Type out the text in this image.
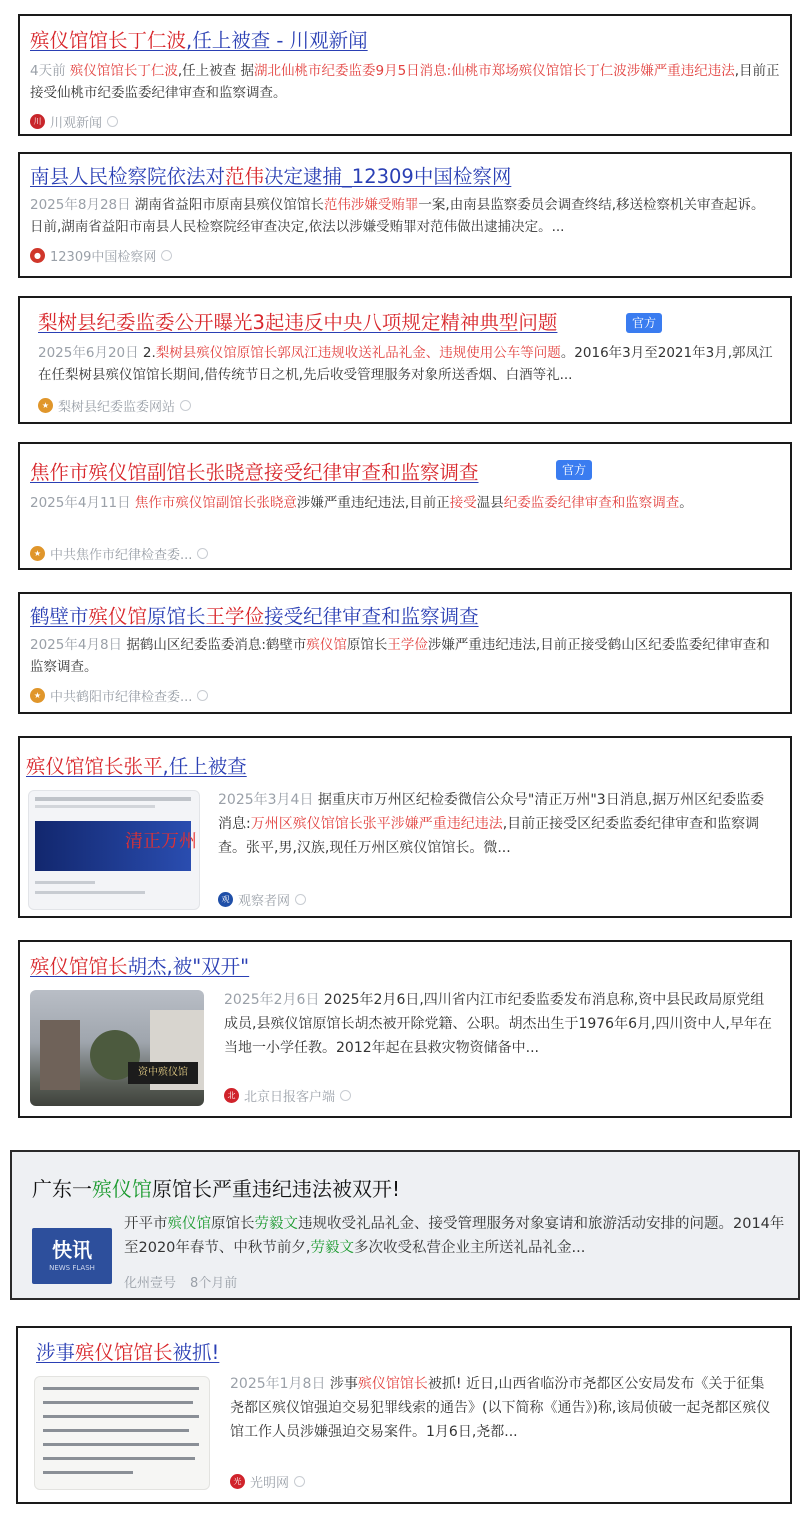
殡仪馆馆长丁仁波,任上被查 - 川观新闻
4天前 殡仪馆馆长丁仁波,任上被查 据湖北仙桃市纪委监委9月5日消息:仙桃市郑场殡仪馆馆长丁仁波涉嫌严重违纪违法,目前正接受仙桃市纪委监委纪律审查和监察调查。
川 川观新闻
南县人民检察院依法对范伟决定逮捕_12309中国检察网
2025年8月28日 湖南省益阳市原南县殡仪馆馆长范伟涉嫌受贿罪一案,由南县监察委员会调查终结,移送检察机关审查起诉。日前,湖南省益阳市南县人民检察院经审查决定,依法以涉嫌受贿罪对范伟做出逮捕决定。...
● 12309中国检察网
梨树县纪委监委公开曝光3起违反中央八项规定精神典型问题	官方
2025年6月20日 2.梨树县殡仪馆原馆长郭凤江违规收送礼品礼金、违规使用公车等问题。2016年3月至2021年3月,郭凤江在任梨树县殡仪馆馆长期间,借传统节日之机,先后收受管理服务对象所送香烟、白酒等礼...
★ 梨树县纪委监委网站
焦作市殡仪馆副馆长张晓意接受纪律审查和监察调查	官方
2025年4月11日 焦作市殡仪馆副馆长张晓意涉嫌严重违纪违法,目前正接受温县纪委监委纪律审查和监察调查。
★ 中共焦作市纪律检查委...
鹤壁市殡仪馆原馆长王学俭接受纪律审查和监察调查
2025年4月8日 据鹤山区纪委监委消息:鹤壁市殡仪馆原馆长王学俭涉嫌严重违纪违法,目前正接受鹤山区纪委监委纪律审查和监察调查。
★ 中共鹤阳市纪律检查委...
殡仪馆馆长张平,任上被查
清正万州
2025年3月4日 据重庆市万州区纪检委微信公众号"清正万州"3日消息,据万州区纪委监委消息:万州区殡仪馆馆长张平涉嫌严重违纪违法,目前正接受区纪委监委纪律审查和监察调查。张平,男,汉族,现任万州区殡仪馆馆长。微...
观 观察者网
殡仪馆馆长胡杰,被"双开"
资中殡仪馆
2025年2月6日 2025年2月6日,四川省内江市纪委监委发布消息称,资中县民政局原党组成员,县殡仪馆原馆长胡杰被开除党籍、公职。胡杰出生于1976年6月,四川资中人,早年在当地一小学任教。2012年起在县救灾物资储备中...
北 北京日报客户端
广东一殡仪馆原馆长严重违纪违法被双开!
快讯
NEWS FLASH
开平市殡仪馆原馆长劳毅文违规收受礼品礼金、接受管理服务对象宴请和旅游活动安排的问题。2014年至2020年春节、中秋节前夕,劳毅文多次收受私营企业主所送礼品礼金...
化州壹号 8个月前
涉事殡仪馆馆长被抓!
2025年1月8日 涉事殡仪馆馆长被抓! 近日,山西省临汾市尧都区公安局发布《关于征集尧都区殡仪馆强迫交易犯罪线索的通告》(以下简称《通告》)称,该局侦破一起尧都区殡仪馆工作人员涉嫌强迫交易案件。1月6日,尧都...
光 光明网
